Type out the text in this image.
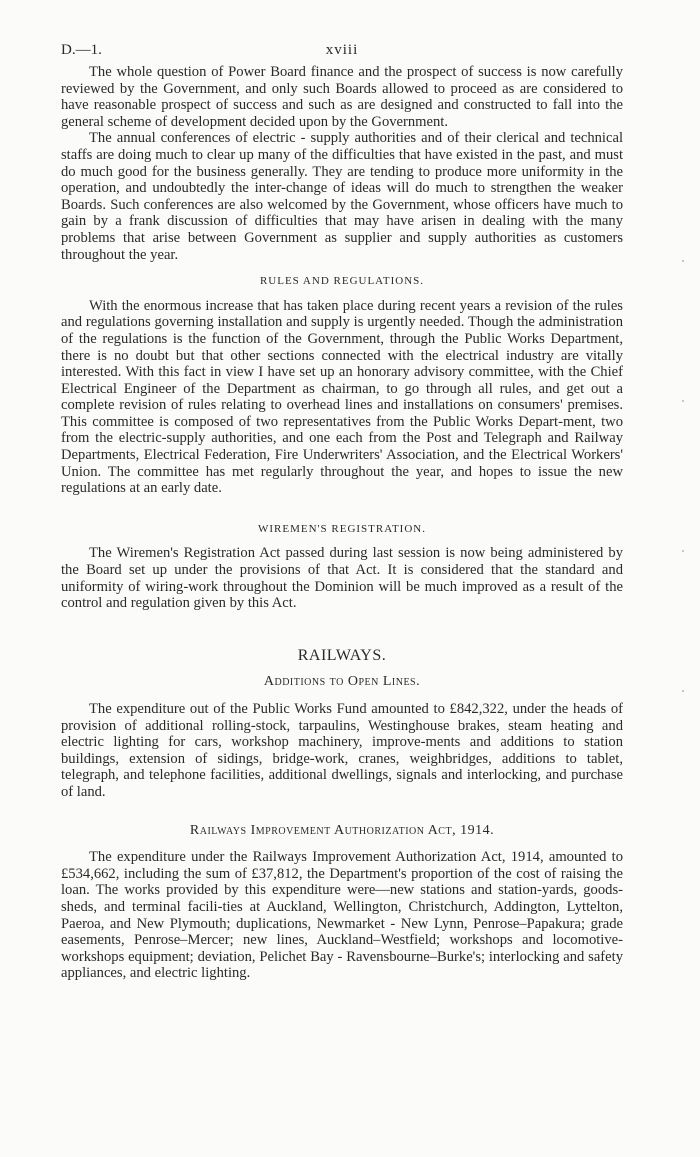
D.—1.	xviii

The whole question of Power Board finance and the prospect of success is now carefully reviewed by the Government, and only such Boards allowed to proceed as are considered to have reasonable prospect of success and such as are designed and constructed to fall into the general scheme of development decided upon by the Government.

The annual conferences of electric - supply authorities and of their clerical and technical staffs are doing much to clear up many of the difficulties that have existed in the past, and must do much good for the business generally. They are tending to produce more uniformity in the operation, and undoubtedly the inter-change of ideas will do much to strengthen the weaker Boards. Such conferences are also welcomed by the Government, whose officers have much to gain by a frank discussion of difficulties that may have arisen in dealing with the many problems that arise between Government as supplier and supply authorities as customers throughout the year.

RULES AND REGULATIONS.

With the enormous increase that has taken place during recent years a revision of the rules and regulations governing installation and supply is urgently needed. Though the administration of the regulations is the function of the Government, through the Public Works Department, there is no doubt but that other sections connected with the electrical industry are vitally interested. With this fact in view I have set up an honorary advisory committee, with the Chief Electrical Engineer of the Department as chairman, to go through all rules, and get out a complete revision of rules relating to overhead lines and installations on consumers' premises. This committee is composed of two representatives from the Public Works Depart-ment, two from the electric-supply authorities, and one each from the Post and Telegraph and Railway Departments, Electrical Federation, Fire Underwriters' Association, and the Electrical Workers' Union. The committee has met regularly throughout the year, and hopes to issue the new regulations at an early date.

WIREMEN'S REGISTRATION.

The Wiremen's Registration Act passed during last session is now being administered by the Board set up under the provisions of that Act. It is considered that the standard and uniformity of wiring-work throughout the Dominion will be much improved as a result of the control and regulation given by this Act.

RAILWAYS.
Additions to Open Lines.

The expenditure out of the Public Works Fund amounted to £842,322, under the heads of provision of additional rolling-stock, tarpaulins, Westinghouse brakes, steam heating and electric lighting for cars, workshop machinery, improve-ments and additions to station buildings, extension of sidings, bridge-work, cranes, weighbridges, additions to tablet, telegraph, and telephone facilities, additional dwellings, signals and interlocking, and purchase of land.

Railways Improvement Authorization Act, 1914.

The expenditure under the Railways Improvement Authorization Act, 1914, amounted to £534,662, including the sum of £37,812, the Department's proportion of the cost of raising the loan. The works provided by this expenditure were—new stations and station-yards, goods-sheds, and terminal facili-ties at Auckland, Wellington, Christchurch, Addington, Lyttelton, Paeroa, and New Plymouth; duplications, Newmarket - New Lynn, Penrose–Papakura; grade easements, Penrose–Mercer; new lines, Auckland–Westfield; workshops and locomotive-workshops equipment; deviation, Pelichet Bay - Ravensbourne–Burke's; interlocking and safety appliances, and electric lighting.
